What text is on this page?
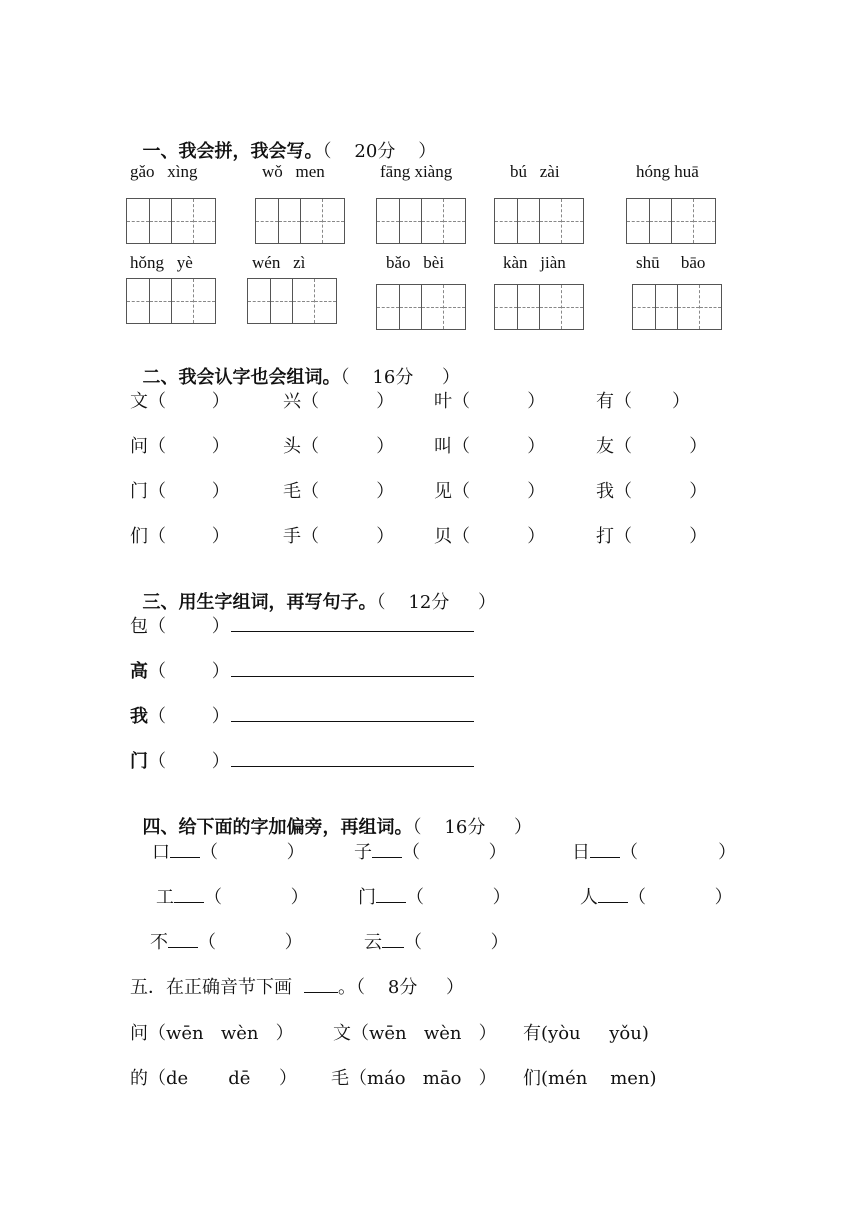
一、我会拼，我会写。（    20分    ）

gǎo   xìng	wǒ   men	fāng xiàng	bú   zài	hóng huā
hǒng   yè	wén   zì	bǎo   bèi	kàn   jiàn	shū     bāo

二、我会认字也会组词。（    16分     ）

文（        ）	兴（          ） 叶（          ）	有（       ）
问（        ）	头（          ） 叫（          ）	友（          ）
门（        ）	毛（          ） 见（          ）	我（          ）
们（        ）	手（          ） 贝（          ）	打（          ）

三、用生字组词，再写句子。（    12分     ）

包（        ）
高（        ）
我（        ）
门（        ）

四、给下面的字加偏旁，再组词。（    16分     ）

口 （            ）	子 （            ）	日 （              ）
工 （            ）	门 （            ）	人 （            ）
不 （            ）	云 （            ）
五．在正确音节下画	。（    8分     ）
问（wēn   wèn   ） 文（wēn   wèn   ） 有(yòu     yǒu)
的（de       dē     ） 毛（máo   māo   ） 们(mén    men)
